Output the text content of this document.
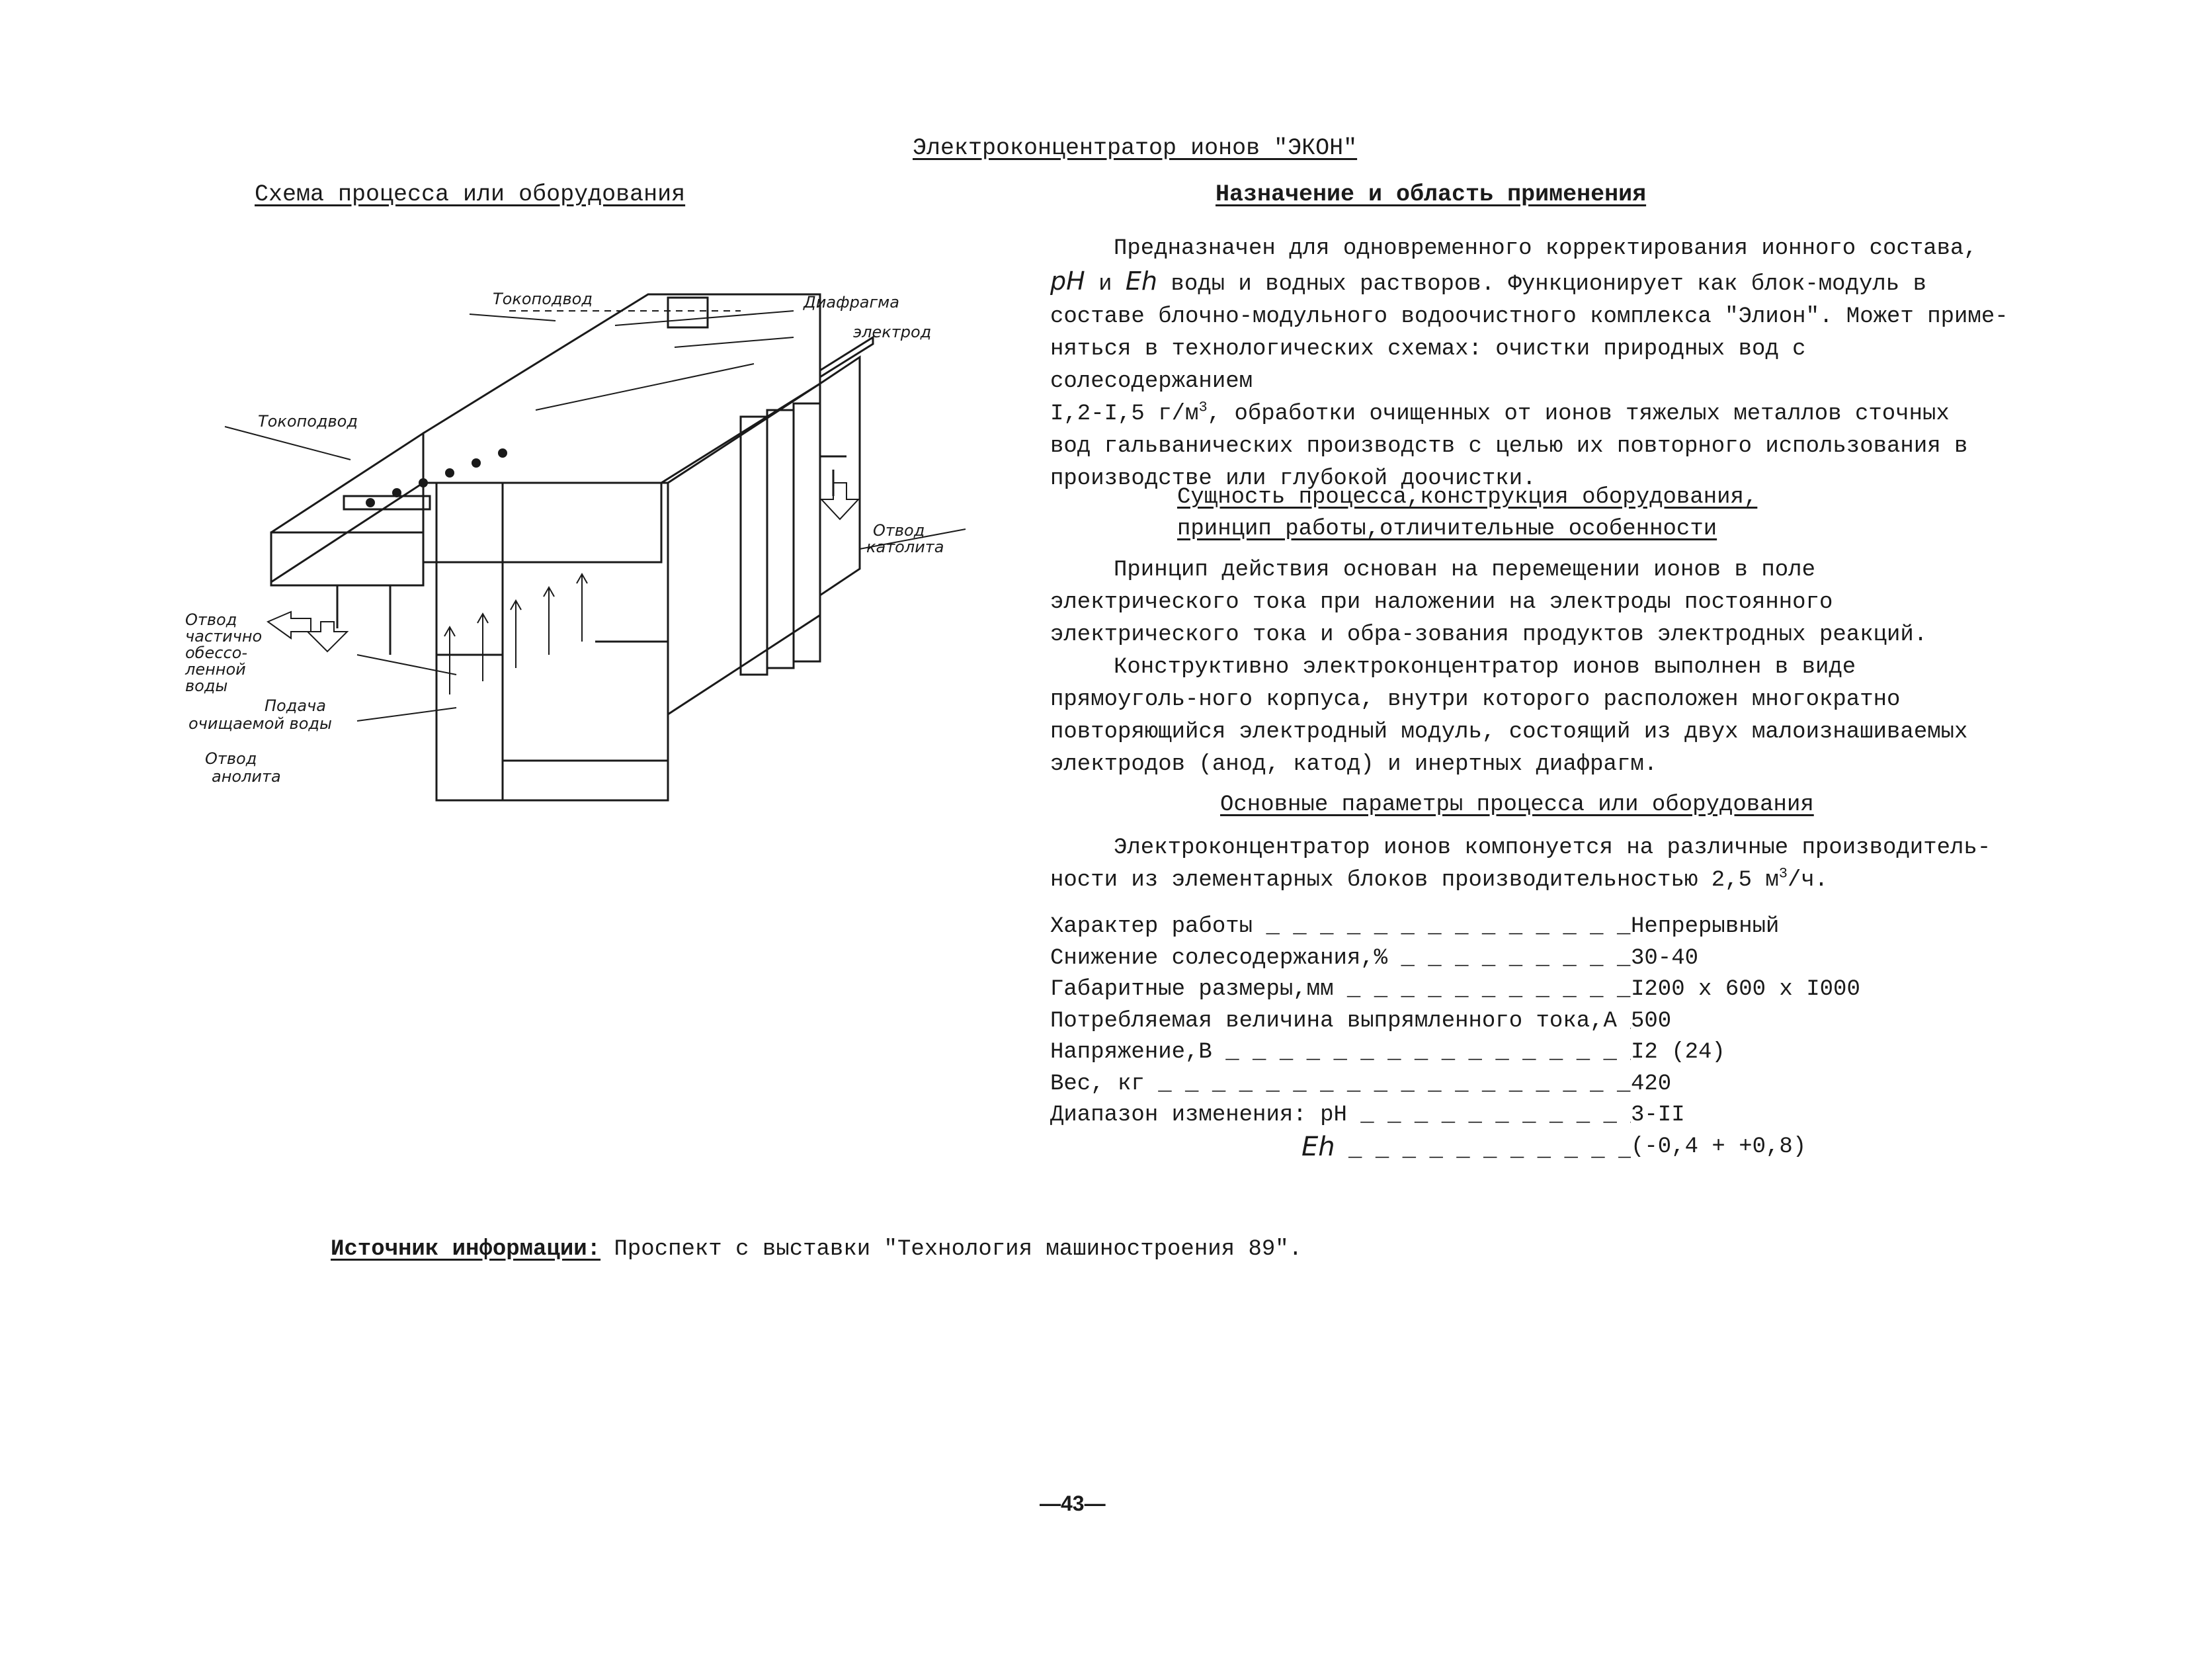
Электроконцентратор ионов "ЭКОН"
Схема процесса или оборудования
Токоподвод
Токоподвод
Диафрагма
электрод
Отвод
католита
Отвод
частично
обессо-
ленной
воды
Подача
очищаемой воды
Отвод
анолита
Назначение и область применения

Предназначен для одновременного корректирования ионного состава,

pH и Eh воды и водных растворов. Функционирует как блок-модуль в
составе блочно-модульного водоочистного комплекса "Элион". Может приме-
няться в технологических схемах: очистки природных вод с солесодержанием
I,2-I,5 $г/м^3$, обработки очищенных от ионов тяжелых металлов сточных
вод гальванических производств с целью их повторного использования в
производстве или глубокой доочистки.
Сущность процесса,конструкция оборудования,
принцип работы,отличительные особенности

Принцип действия основан на перемещении ионов в поле электрического тока при наложении на электроды постоянного электрического тока и обра-зования продуктов электродных реакций.

Конструктивно электроконцентратор ионов выполнен в виде прямоуголь-ного корпуса, внутри которого расположен многократно повторяющийся электродный модуль, состоящий из двух малоизнашиваемых электродов (анод, катод) и инертных диафрагм.

Основные параметры процесса или оборудования

Электроконцентратор ионов компонуется на различные производитель-ности из элементарных блоков производительностью 2,5 $м^3/ч$.

Характер работы _ _ _	Непрерывный
Снижение солесодержания,% _ _ _	30-40
Габаритные размеры,мм _ _ _	I200 x 600 x I000
Потребляемая величина выпрямленного тока,А _ _ _ 500
Напряжение,В _ _ _	I2 (24)
Вес, кг _ _ _	420
Диапазон изменения: pH _ _ _	3-II
Eh _ _ _	(-0,4 + +0,8)
Источник информации: Проспект с выставки "Технология машиностроения 89".
—43—
